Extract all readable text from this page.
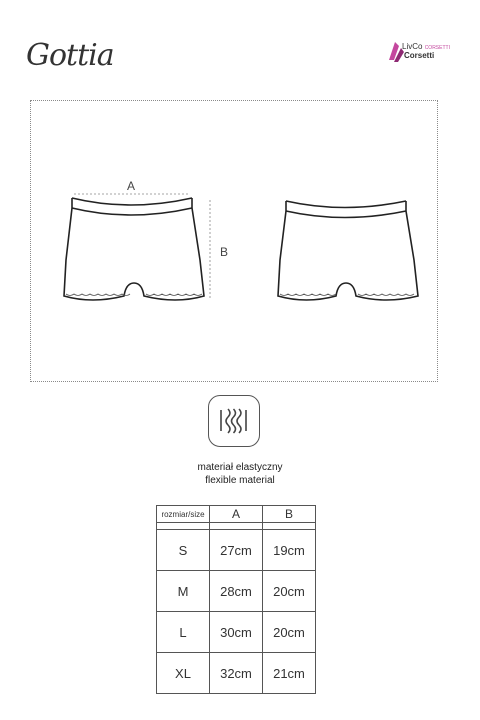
Gottia	LivCo CORSETTI
Corsetti
A
B
materiał elastyczny
flexible material
rozmiar/size	A	B

S	27cm	19cm
M	28cm	20cm
L	30cm	20cm
XL	32cm	21cm
